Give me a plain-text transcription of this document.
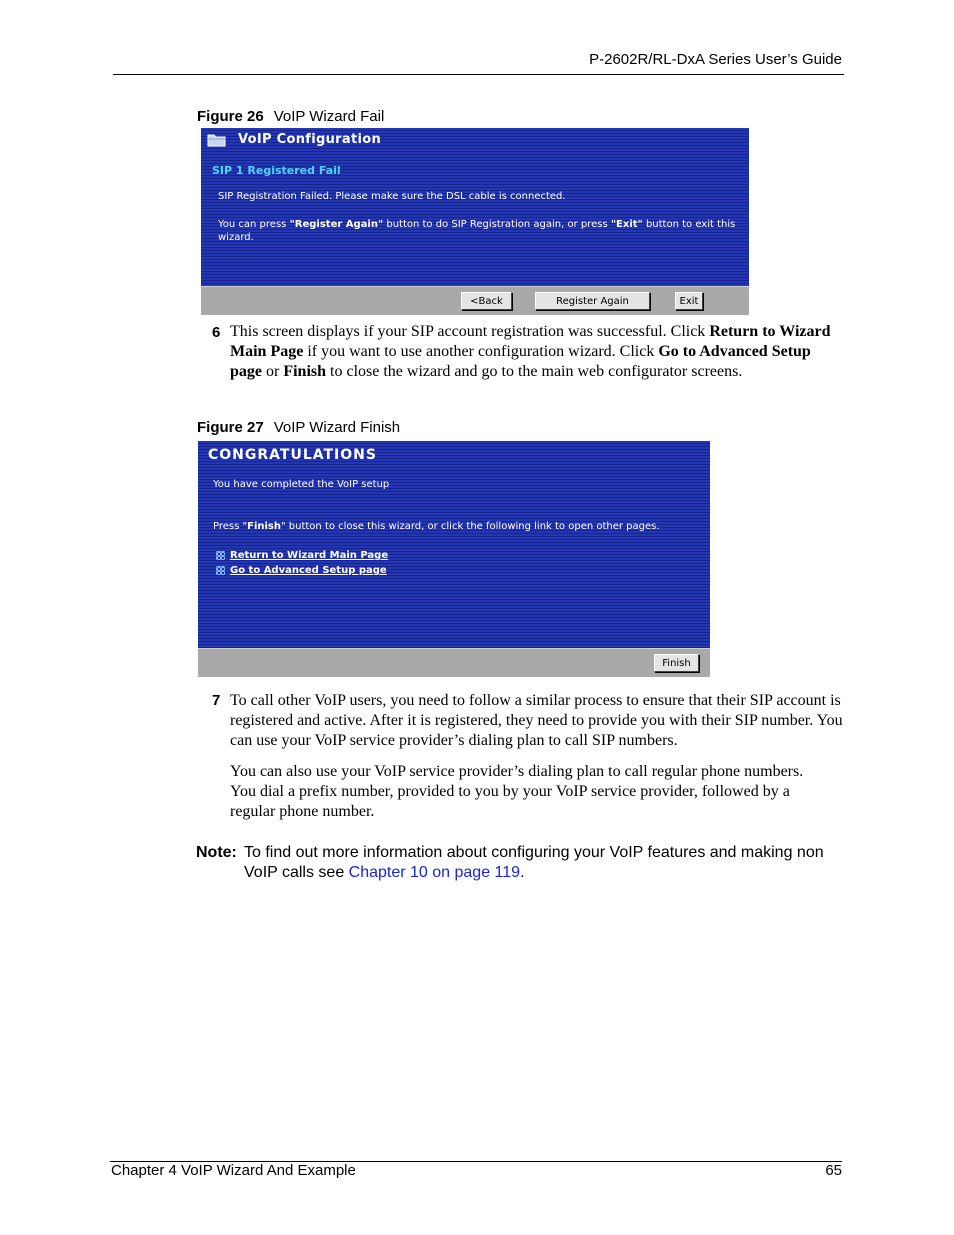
P-2602R/RL-DxA Series User’s Guide
Figure 26 VoIP Wizard Fail
VoIP Configuration
SIP 1 Registered Fail
SIP Registration Failed. Please make sure the DSL cable is connected.
You can press "Register Again" button to do SIP Registration again, or press "Exit" button to exit this wizard.
<Back	Register Again	Exit
6 This screen displays if your SIP account registration was successful. Click Return to Wizard Main Page if you want to use another configuration wizard. Click Go to Advanced Setup page or Finish to close the wizard and go to the main web configurator screens.
Figure 27 VoIP Wizard Finish
CONGRATULATIONS
You have completed the VoIP setup
Press "Finish" button to close this wizard, or click the following link to open other pages.
Return to Wizard Main Page
Go to Advanced Setup page
Finish
7 To call other VoIP users, you need to follow a similar process to ensure that their SIP account is registered and active. After it is registered, they need to provide you with their SIP number. You can use your VoIP service provider’s dialing plan to call SIP numbers.
You can also use your VoIP service provider’s dialing plan to call regular phone numbers. You dial a prefix number, provided to you by your VoIP service provider, followed by a regular phone number.
Note: To find out more information about configuring your VoIP features and making non VoIP calls see Chapter 10 on page 119.
Chapter 4 VoIP Wizard And Example	65
